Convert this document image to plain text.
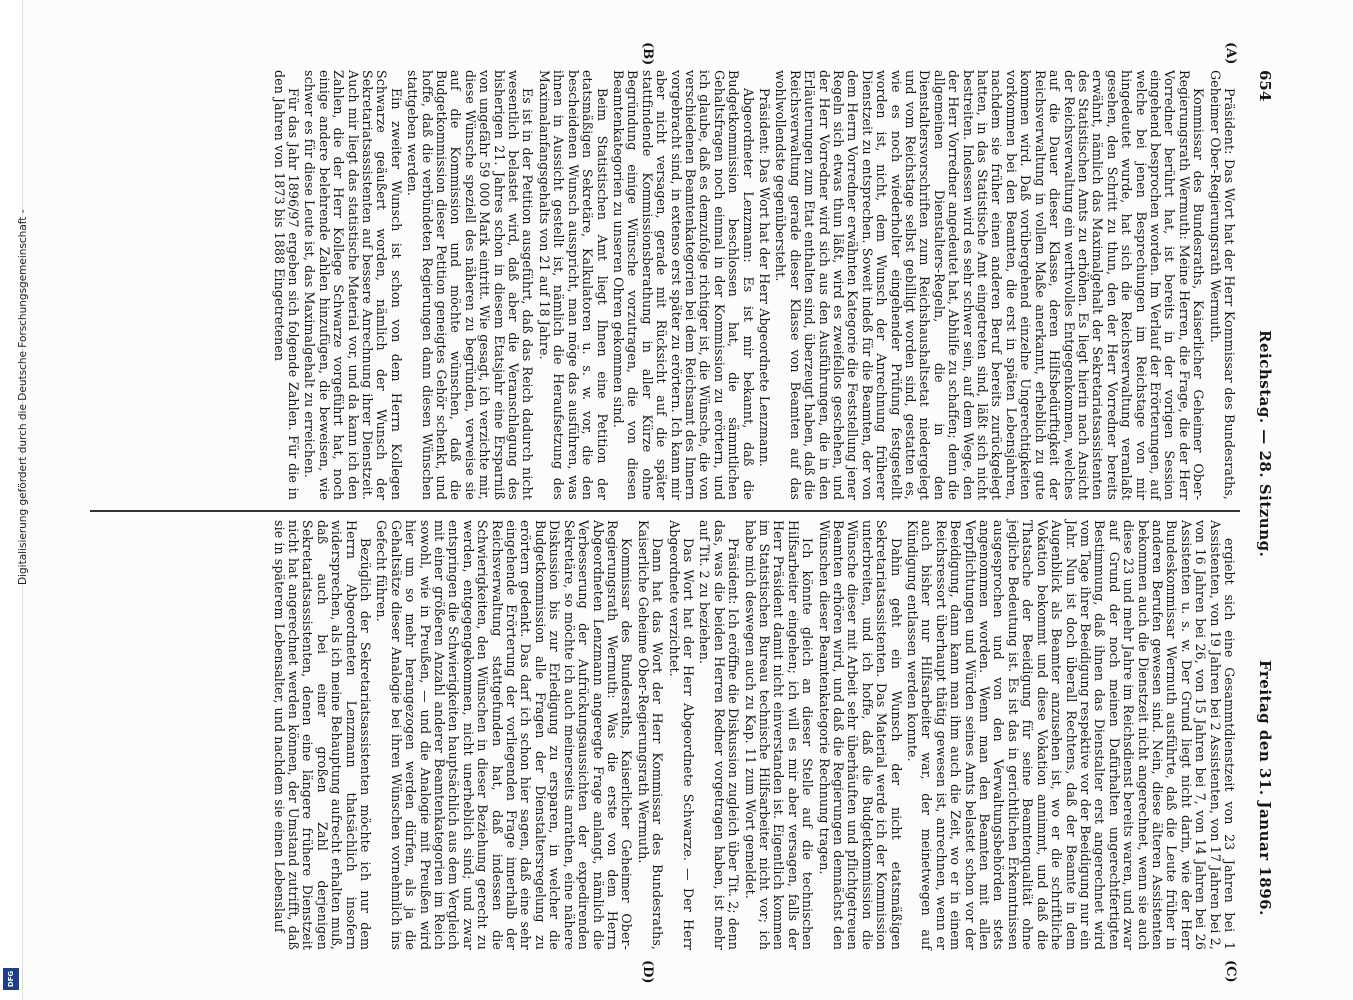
654
Reichstag. — 28. Sitzung.
Freitag den 31. Januar 1896.
(A)
(B)
(C)
(D)

Präsident: Das Wort hat der Herr Kommissar des Bundesraths, Geheimer Ober-Regierungsrath Wermuth.

Kommissar des Bundesraths, Kaiserlicher Geheimer Ober-Regierungsrath Wermuth: Meine Herren, die Frage, die der Herr Vorredner berührt hat, ist bereits in der vorigen Session eingehend besprochen worden. Im Verlauf der Erörterungen, auf welche bei jenen Besprechungen im Reichstage von mir hingedeutet wurde, hat sich die Reichsverwaltung veranlaßt gesehen, den Schritt zu thun, den der Herr Vorredner bereits erwähnt, nämlich das Maximalgehalt der Sekretariatsassistenten des Statistischen Amts zu erhöhen. Es liegt hierin nach Ansicht der Reichsverwaltung ein werthvolles Entgegenkommen, welches auf die Dauer dieser Klasse, deren Hilfsbedürftigkeit der Reichsverwaltung in vollem Maße anerkannt, erheblich zu gute kommen wird. Daß vorübergehend einzelne Ungerechtigkeiten vorkommen bei den Beamten, die erst in späten Lebensjahren, nachdem sie früher einen anderen Beruf bereits zurückgelegt hatten, in das Statistische Amt eingetreten sind, läßt sich nicht bestreiten. Indessen wird es sehr schwer sein, auf dem Wege, den der Herr Vorredner angedeutet hat, Abhilfe zu schaffen; denn die allgemeinen Dienstalters-Regeln, die in den Dienstaltersvorschriften zum Reichshaushaltsetat niedergelegt und vom Reichstage selbst gebilligt worden sind, gestatten es, wie es noch wiederholter eingehender Prüfung festgestellt worden ist, nicht, dem Wunsch der Anrechnung früherer Dienstzeit zu entsprechen. Soweit indeß für die Beamten, der von dem Herrn Vorredner erwähnten Kategorie die Feststellung jener Regeln sich etwas thun läßt, wird es zweifellos geschehen, und der Herr Vorredner wird sich aus den Ausführungen, die in den Erläuterungen zum Etat enthalten sind, überzeugt haben, daß die Reichsverwaltung gerade dieser Klasse von Beamten auf das wohlwollendste gegenübersteht.

Präsident: Das Wort hat der Herr Abgeordnete Lenzmann.

Abgeordneter Lenzmann: Es ist mir bekannt, daß die Budgetkommission beschlossen hat, die sämmtlichen Gehaltsfragen noch einmal in der Kommission zu erörtern, und ich glaube, daß es demzufolge richtiger ist, die Wünsche, die von verschiedenen Beamtenkategorien bei dem Reichsamt des Innern vorgebracht sind, in extenso erst später zu erörtern. Ich kann mir aber nicht versagen, gerade mit Rücksicht auf die später stattfindende Kommissionsberathung in aller Kürze ohne Begründung einige Wünsche vorzutragen, die von diesen Beamtenkategorien zu unseren Ohren gekommen sind.

Beim Statistischen Amt liegt Ihnen eine Petition der etatsmäßigen Sekretäre, Kalkulatoren u. s. w. vor, die den bescheidenen Wunsch ausspricht, man möge das ausführen, was ihnen in Aussicht gestellt ist, nämlich die Heraufsetzung des Maximalanfangsgehalts von 21 auf 18 Jahre.

Es ist in der Petition ausgeführt, daß das Reich dadurch nicht wesentlich belastet wird, daß aber die Veranschlagung des bisherigen 21. Jahres schon in diesem Etatsjahr eine Ersparniß von ungefähr 59 000 Mark eintritt. Wie gesagt, ich verzichte mir, diese Wünsche speziell des näheren zu begründen, verweise sie auf die Kommission und möchte wünschen, daß die Budgetkommission dieser Petition geneigtes Gehör schenkt, und hoffe, daß die verbündeten Regierungen dann diesen Wünschen stattgeben werden.

Ein zweiter Wunsch ist schon von dem Herrn Kollegen Schwarze geäußert worden, nämlich der Wunsch der Sekretariatsassistenten auf bessere Anrechnung ihrer Dienstzeit. Auch mir liegt das statistische Material vor, und da kann ich den Zahlen, die der Herr Kollege Schwarze vorgeführt hat, noch einige andere belehrende Zahlen hinzufügen, die beweisen, wie schwer es für diese Leute ist, das Maximalgehalt zu erreichen.

Für das Jahr 1896/97 ergeben sich folgende Zahlen. Für die in den Jahren von 1873 bis 1888 Eingetretenen

ergiebt sich eine Gesammtdienstzeit von 23 Jahren bei 1 Assistenten, von 19 Jahren bei 2 Assistenten, von 17 Jahren bei 2, von 16 Jahren bei 26, von 15 Jahren bei 7, von 14 Jahren bei 26 Assistenten u. s. w. Der Grund liegt nicht darin, wie der Herr Bundeskommissar Wermuth ausführte, daß die Leute früher in anderen Berufen gewesen sind. Nein, diese älteren Assistenten bekommen auch die Dienstzeit nicht angerechnet, wenn sie auch diese 23 und mehr Jahre im Reichsdienst bereits waren, und zwar auf Grund der noch meinen Dafürhalten ungerechtfertigten Bestimmung, daß ihnen das Dienstalter erst angerechnet wird vom Tage ihrer Beeidigung respektive vor der Beeidigung nur ein Jahr. Nun ist doch überall Rechtens, daß der Beamte in dem Augenblick als Beamter anzusehen ist, wo er die schriftliche Vokation bekommt und diese Vokation annimmt, und daß die Thatsache der Beeidigung für seine Beamtenqualität ohne jegliche Bedeutung ist. Es ist das in gerichtlichen Erkenntnissen ausgesprochen und von den Verwaltungsbehörden stets angenommen worden. Wenn man den Beamten mit allen Verpflichtungen und Würden seines Amts belastet schon vor der Beeidigung, dann kann man ihm auch die Zeit, wo er in einem Reichsressort überhaupt thätig gewesen ist, anrechnen, wenn er auch bisher nur Hilfsarbeiter war, der meinetwegen auf Kündigung entlassen werden konnte.

Dahin geht ein Wunsch der nicht etatsmäßigen Sekretariatsassistenten. Das Material werde ich der Kommission unterbreiten, und ich hoffe, daß die Budgetkommission die Wünsche dieser mit Arbeit sehr überhäuften und pflichtgetreuen Beamten erhören wird, und daß die Regierungen demnächst den Wünschen dieser Beamtenkategorie Rechnung tragen.

Ich könnte gleich an dieser Stelle auf die technischen Hilfsarbeiter eingehen; ich will es mir aber versagen, falls der Herr Präsident damit nicht einverstanden ist. Eigentlich kommen im Statistischen Bureau technische Hilfsarbeiter nicht vor; ich habe mich deswegen auch zu Kap. 11 zum Wort gemeldet.

Präsident: Ich eröffne die Diskussion zugleich über Tit. 2; denn das, was die beiden Herren Redner vorgetragen haben, ist mehr auf Tit. 2 zu beziehen.

Das Wort hat der Herr Abgeordnete Schwarze. — Der Herr Abgeordnete verzichtet.

Dann hat das Wort der Herr Kommissar des Bundesraths, Kaiserliche Geheime Ober-Regierungsrath Wermuth.

Kommissar des Bundesraths, Kaiserlicher Geheimer Ober-Regierungsrath Wermuth: Was die erste von dem Herrn Abgeordneten Lenzmann angeregte Frage anlangt, nämlich die Verbesserung der Aufrückungsaussichten der expedirenden Sekretäre, so möchte ich auch meinerseits anrathen, eine nähere Diskussion bis zur Erledigung zu ersparen, in welcher die Budgetkommission alle Fragen der Dienstaltersregelung zu erörtern gedenkt. Das darf ich schon hier sagen, daß eine sehr eingehende Erörterung der vorliegenden Frage innerhalb der Reichsverwaltung stattgefunden hat, daß indessen die Schwierigkeiten, den Wünschen in dieser Beziehung gerecht zu werden, entgegengekommen, nicht unerheblich sind; und zwar entspringen die Schwierigkeiten hauptsächlich aus dem Vergleich mit einer größeren Anzahl anderer Beamtenkategorien im Reich sowohl, wie in Preußen, — und die Analogie mit Preußen wird hier um so mehr herangezogen werden dürfen, als ja die Gehaltsätze dieser Analogie bei ihren Wünschen vornehmlich ins Gefecht führen.

Bezüglich der Sekretariatsassistenten möchte ich nur dem Herrn Abgeordneten Lenzmann thatsächlich insofern widersprechen, als ich meine Behauptung aufrecht erhalten muß, daß auch bei einer großen Zahl derjenigen Sekretariatsassistenten, denen eine längere frühere Dienstzeit nicht hat angerechnet werden können, der Umstand zutrifft, daß sie in späterem Lebensalter, und nachdem sie einen Lebenslauf

Digitalisierung gefördert durch die Deutsche Forschungsgemeinschaft -
DFG
